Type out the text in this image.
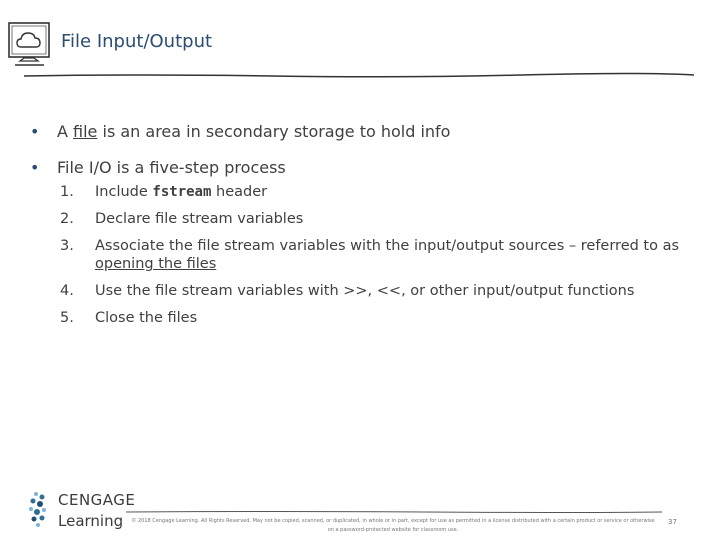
File Input/Output
• A file is an area in secondary storage to hold info
• File I/O is a five-step process
1. Include fstream header
2. Declare file stream variables
3. Associate the file stream variables with the input/output sources – referred to as opening the files
4. Use the file stream variables with >>, <<, or other input/output functions
5. Close the files
CENGAGE
Learning	© 2018 Cengage Learning. All Rights Reserved. May not be copied, scanned, or duplicated, in whole or in part, except for use as permitted in a license distributed with a certain product or service or otherwise on a password-protected website for classroom use.
37
